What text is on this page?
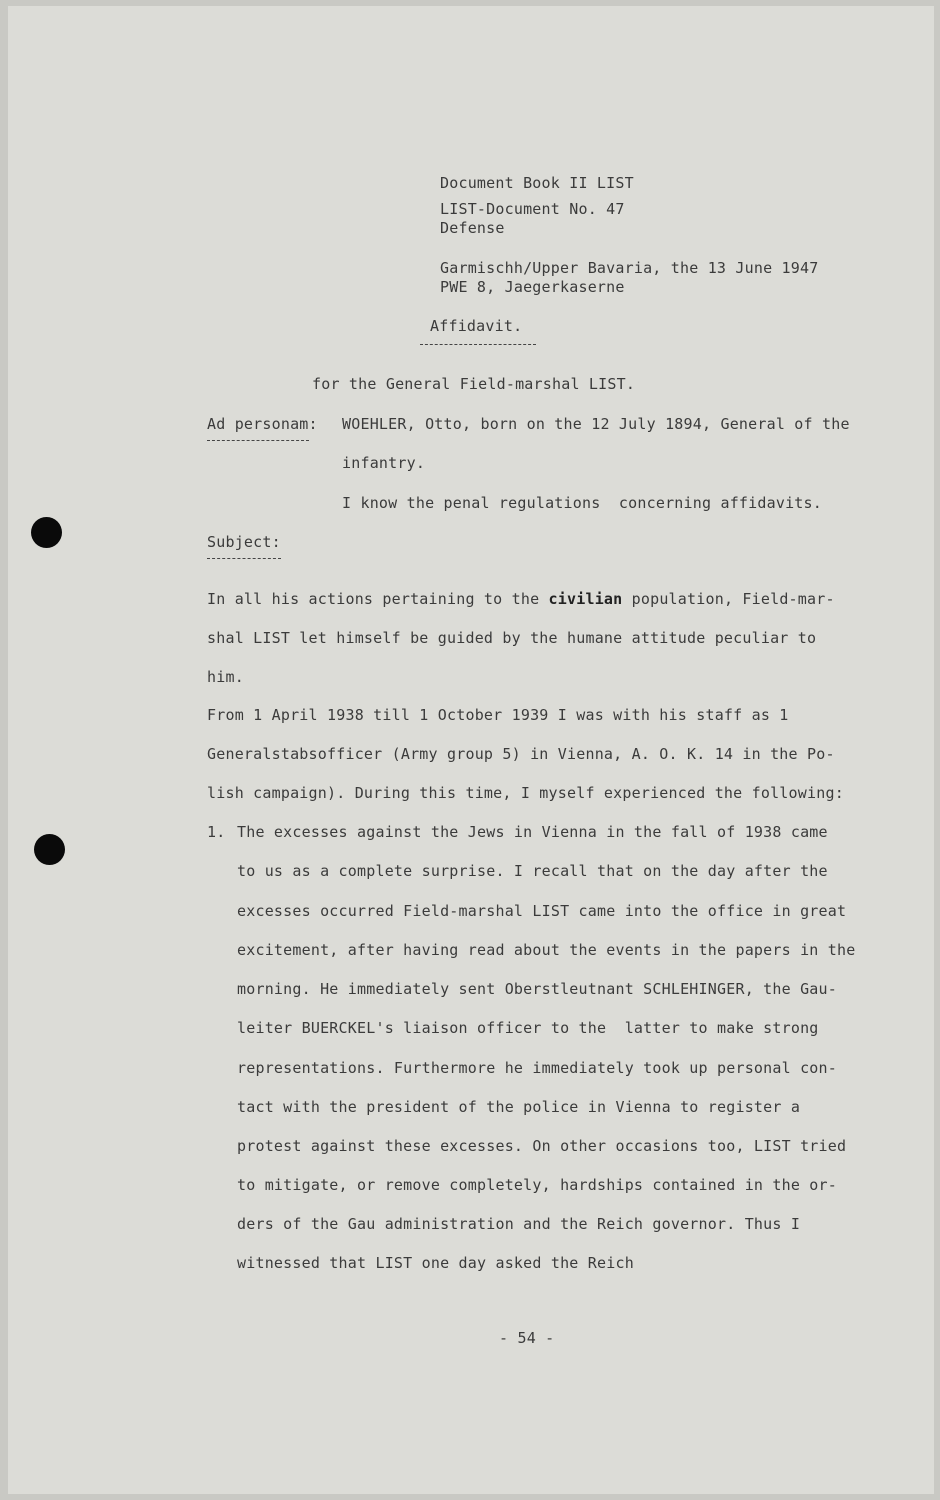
Document Book II LIST
LIST-Document No. 47
Defense
Garmischh/Upper Bavaria, the 13 June 1947
PWE 8, Jaegerkaserne
Affidavit.
for the General Field-marshal LIST.
Ad personam: WOEHLER, Otto, born on the 12 July 1894, General of the
infantry.
I know the penal regulations  concerning affidavits.
Subject:
In all his actions pertaining to the civilian population, Field-mar-
shal LIST let himself be guided by the humane attitude peculiar to
him.
From 1 April 1938 till 1 October 1939 I was with his staff as 1
Generalstabsofficer (Army group 5) in Vienna, A. O. K. 14 in the Po-
lish campaign). During this time, I myself experienced the following:
1. The excesses against the Jews in Vienna in the fall of 1938 came
to us as a complete surprise. I recall that on the day after the
excesses occurred Field-marshal LIST came into the office in great
excitement, after having read about the events in the papers in the
morning. He immediately sent Oberstleutnant SCHLEHINGER, the Gau-
leiter BUERCKEL's liaison officer to the  latter to make strong
representations. Furthermore he immediately took up personal con-
tact with the president of the police in Vienna to register a
protest against these excesses. On other occasions too, LIST tried
to mitigate, or remove completely, hardships contained in the or-
ders of the Gau administration and the Reich governor. Thus I
witnessed that LIST one day asked the Reich
- 54 -
